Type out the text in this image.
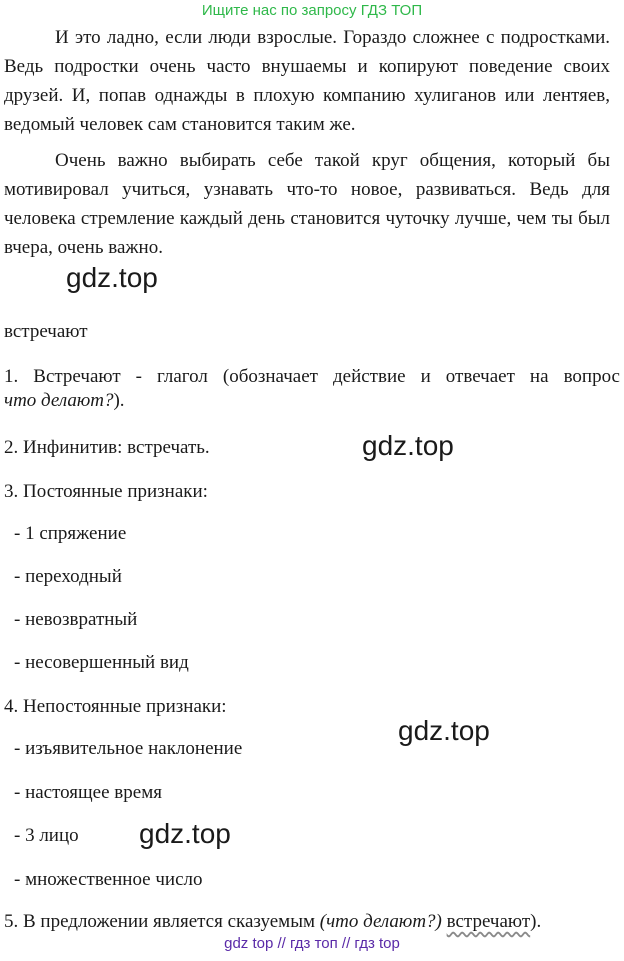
Ищите нас по запросу ГДЗ ТОП

И это ладно, если люди взрослые. Гораздо сложнее с подростками. Ведь подростки очень часто внушаемы и копируют поведение своих друзей. И, попав однажды в плохую компанию хулиганов или лентяев, ведомый человек сам становится таким же.

Очень важно выбирать себе такой круг общения, который бы мотивировал учиться, узнавать что-то новое, развиваться. Ведь для человека стремление каждый день становится чуточку лучше, чем ты был вчера, очень важно.

gdz.top

встречают

1. Встречают - глагол (обозначает действие и отвечает на вопрос
что делают?).

2. Инфинитив: встречать.	gdz.top

3. Постоянные признаки:

- 1 спряжение

- переходный

- невозвратный

- несовершенный вид

4. Непостоянные признаки:

gdz.top

- изъявительное наклонение

- настоящее время

- 3 лицо gdz.top

- множественное число

5. В предложении является сказуемым (что делают?) встречают).

gdz top // гдз топ // гдз top
